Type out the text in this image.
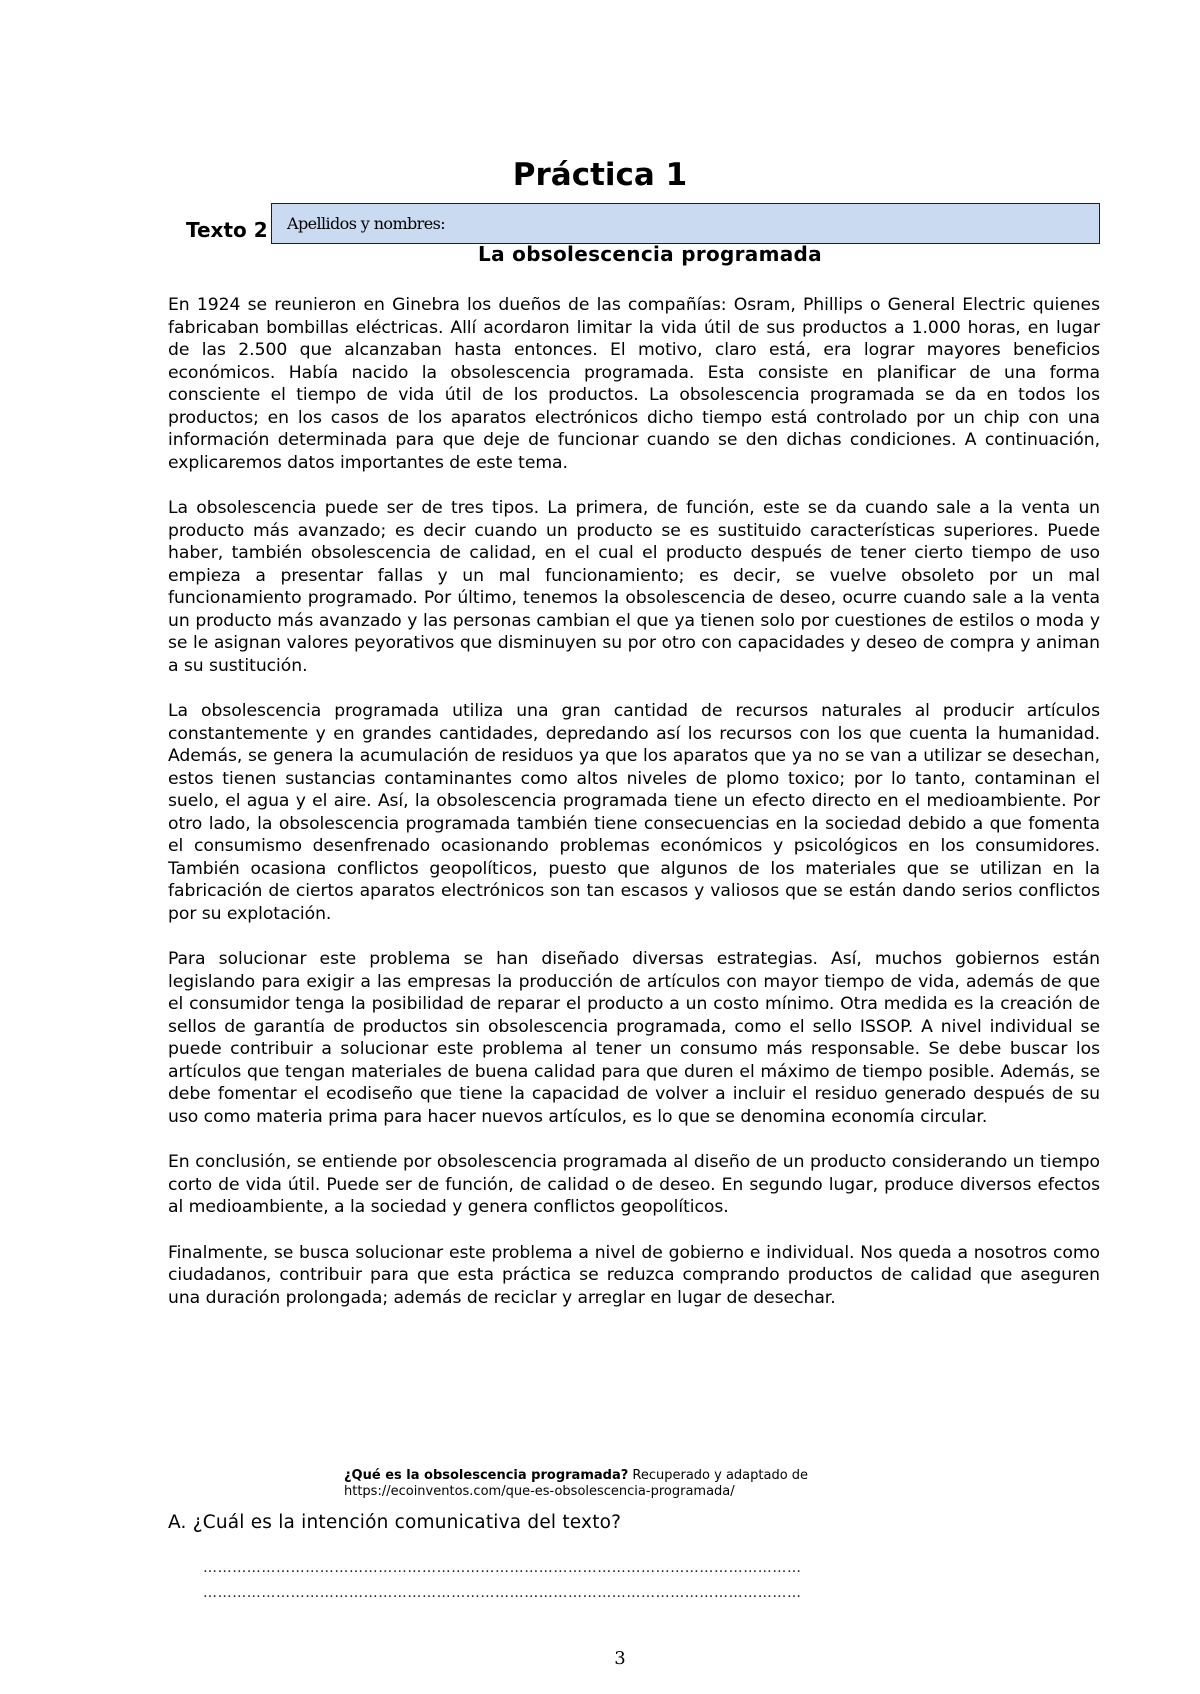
Práctica 1
Texto 2 Apellidos y nombres:
La obsolescencia programada

En 1924 se reunieron en Ginebra los dueños de las compañías: Osram, Phillips o General Electric quienes fabricaban bombillas eléctricas. Allí acordaron limitar la vida útil de sus productos a 1.000 horas, en lugar de las 2.500 que alcanzaban hasta entonces. El motivo, claro está, era lograr mayores beneficios económicos. Había nacido la obsolescencia programada. Esta consiste en planificar de una forma consciente el tiempo de vida útil de los productos. La obsolescencia programada se da en todos los productos; en los casos de los aparatos electrónicos dicho tiempo está controlado por un chip con una información determinada para que deje de funcionar cuando se den dichas condiciones. A continuación, explicaremos datos importantes de este tema.

La obsolescencia puede ser de tres tipos. La primera, de función, este se da cuando sale a la venta un producto más avanzado; es decir cuando un producto se es sustituido características superiores. Puede haber, también obsolescencia de calidad, en el cual el producto después de tener cierto tiempo de uso empieza a presentar fallas y un mal funcionamiento; es decir, se vuelve obsoleto por un mal funcionamiento programado. Por último, tenemos la obsolescencia de deseo, ocurre cuando sale a la venta un producto más avanzado y las personas cambian el que ya tienen solo por cuestiones de estilos o moda y se le asignan valores peyorativos que disminuyen su por otro con capacidades y deseo de compra y animan a su sustitución.

La obsolescencia programada utiliza una gran cantidad de recursos naturales al producir artículos constantemente y en grandes cantidades, depredando así los recursos con los que cuenta la humanidad. Además, se genera la acumulación de residuos ya que los aparatos que ya no se van a utilizar se desechan, estos tienen sustancias contaminantes como altos niveles de plomo toxico; por lo tanto, contaminan el suelo, el agua y el aire. Así, la obsolescencia programada tiene un efecto directo en el medioambiente. Por otro lado, la obsolescencia programada también tiene consecuencias en la sociedad debido a que fomenta el consumismo desenfrenado ocasionando problemas económicos y psicológicos en los consumidores. También ocasiona conflictos geopolíticos, puesto que algunos de los materiales que se utilizan en la fabricación de ciertos aparatos electrónicos son tan escasos y valiosos que se están dando serios conflictos por su explotación.

Para solucionar este problema se han diseñado diversas estrategias. Así, muchos gobiernos están legislando para exigir a las empresas la producción de artículos con mayor tiempo de vida, además de que el consumidor tenga la posibilidad de reparar el producto a un costo mínimo. Otra medida es la creación de sellos de garantía de productos sin obsolescencia programada, como el sello ISSOP. A nivel individual se puede contribuir a solucionar este problema al tener un consumo más responsable. Se debe buscar los artículos que tengan materiales de buena calidad para que duren el máximo de tiempo posible. Además, se debe fomentar el ecodiseño que tiene la capacidad de volver a incluir el residuo generado después de su uso como materia prima para hacer nuevos artículos, es lo que se denomina economía circular.

En conclusión, se entiende por obsolescencia programada al diseño de un producto considerando un tiempo corto de vida útil. Puede ser de función, de calidad o de deseo. En segundo lugar, produce diversos efectos al medioambiente, a la sociedad y genera conflictos geopolíticos.

Finalmente, se busca solucionar este problema a nivel de gobierno e individual. Nos queda a nosotros como ciudadanos, contribuir para que esta práctica se reduzca comprando productos de calidad que aseguren una duración prolongada; además de reciclar y arreglar en lugar de desechar.

¿Qué es la obsolescencia programada? Recuperado y adaptado de https://ecoinventos.com/que-es-obsolescencia-programada/

A. ¿Cuál es la intención comunicativa del texto?

……………………………………………………………………………………………………………

……………………………………………………………………………………………………………

3
